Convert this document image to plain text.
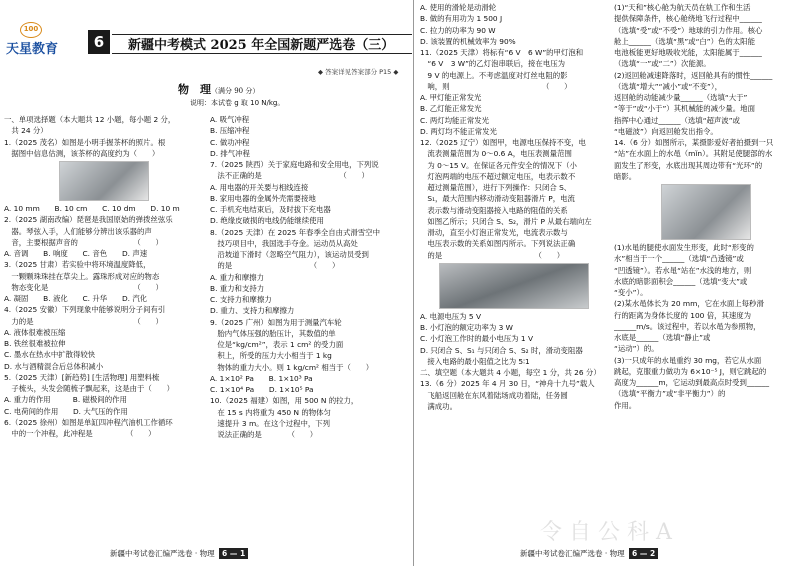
100
天星教育	6	新疆中考模式 2025 年全国新题严选卷（三）
◆ 答案详见答案部分 P15 ◆
物　理（满分 90 分）
说明：本试卷 g 取 10 N/kg。
一、单项选择题（本大题共 12 小题，每小题 2 分，
　共 24 分）
1.（2025 茂名）如图是小明手握茶杯的照片。根
　据图中信息估测，该茶杯的高度约为（　　）
A. 10 mm　　B. 10 cm　　C. 10 dm　　D. 10 m
2.（2025 湖南改编）琵琶是我国原始的弹拨丝弦乐
　器。琴弦入手，人们能够分辨出该乐器的声
　音，主要根据声音的　　　　　　　　（　　）
A. 音调　　B. 响度　　C. 音色　　D. 声速
3.（2025 甘肃）若实验中将环境温度降低，
　一颗颗珠珠挂在草尖上。露珠形成对应的物态
　物态变化是　　　　　　　　　　　　（　　）
A. 凝固　　B. 液化　　C. 升华　　D. 汽化
4.（2025 安徽）下列现象中能够说明分子间有引
　力的是　　　　　　　　　　　　　　（　　）
A. 液体很难被压缩
B. 铁丝很难被拉伸
C. 墨水在热水中扩散得较快
D. 水与酒精混合后总体积减小
5.（2025 天津）[新趋势] [生活物理] 用塑料梳
　子梳头，头发会随梳子飘起来，这是由于（　　）
A. 重力的作用　　　B. 磁极间的作用
C. 电荷间的作用　　D. 大气压的作用
6.（2025 徐州）如图是单缸四冲程汽油机工作循环
　中的一个冲程，此冲程是　　　　　（　　）
A. 吸气冲程
B. 压缩冲程
C. 做功冲程
D. 排气冲程
7.（2025 陕西）关于家庭电路和安全用电，下列说
　法不正确的是　　　　　　　　　　　（　　）
A. 用电器的开关要与相线连接
B. 家用电器的金属外壳需要接地
C. 手机充电结束后，及时拔下充电器
D. 绝缘皮破损的电线仍能继续使用
8.（2025 天津）在 2025 年春季全自由式滑雪空中
　技巧项目中，我国选手夺金。运动员从高处
　沿坡道下滑时（忽略空气阻力），该运动员受到
　的是　　　　　　　　　　　（　　）
A. 重力和摩擦力
B. 重力和支持力
C. 支持力和摩擦力
D. 重力、支持力和摩擦力
9.（2025 广州）如图为用于测量汽车轮
　胎内气体压强的胎压计，其数值的单
　位是“kg/cm²”，表示 1 cm² 的受力面
　积上，所受的压力大小相当于 1 kg
　物体的重力大小。则 1 kg/cm² 相当于（　　）
A. 1×10² Pa　　B. 1×10³ Pa
C. 1×10⁴ Pa　　D. 1×10⁵ Pa
10.（2025 福建）如图，用 500 N 的拉力，
　在 15 s 内将重为 450 N 的物体匀
　速提升 3 m。在这个过程中，下列
　说法正确的是　　　　（　　）
A. 使用的滑轮是动滑轮
B. 做的有用功为 1 500 J
C. 拉力的功率为 90 W
D. 该装置的机械效率为 90%
11.（2025 天津）将标有“6 V　6 W”的甲灯泡和
　“6 V　3 W”的乙灯泡串联后，接在电压为
　9 V 的电源上。不考虑温度对灯丝电阻的影
　响，则　　　　　　　　　　　　　（　　）
A. 甲灯能正常发光
B. 乙灯能正常发光
C. 两灯均能正常发光
D. 两灯均不能正常发光
12.（2025 辽宁）如图甲，电源电压保持不变，电
　流表测量范围为 0～0.6 A，电压表测量范围
　为 0～15 V。在保证各元件安全的情况下（小
　灯泡两端的电压不超过额定电压，电表示数不
　超过测量范围），进行下列操作：只闭合 S、
　S₁，最大范围内移动滑动变阻器滑片 P，电流
　表示数与滑动变阻器接入电路的阻值的关系
　如图乙所示；只闭合 S、S₂，滑片 P 从最右端向左
　滑动，直至小灯泡正常发光，电流表示数与
　电压表示数的关系如图丙所示。下列说法正确
　的是　　　　　　　　　　　　　（　　）
A. 电源电压为 5 V
B. 小灯泡的额定功率为 3 W
C. 小灯泡工作时的最小电压为 1 V
D. 只闭合 S、S₁ 与只闭合 S、S₂ 时，滑动变阻器
　接入电路的最小阻值之比为 5∶1
二、填空题（本大题共 4 小题，每空 1 分，共 26 分）
13.（6 分）2025 年 4 月 30 日，“神舟十九号”载人
　飞船返回舱在东风着陆场成功着陆，任务圆
　满成功。
(1)“天和”核心舱为航天员在轨工作和生活
提供保障条件，核心舱绕地飞行过程中______
（选填“受”或“不受”）地球的引力作用。核心
舱上______（选填“黑”或“白”）色的太阳能
电池板能更好地吸收光能，太阳能属于______
（选填“一”或“二”）次能源。
(2)返回舱减速降落时，返回舱具有的惯性______
（选填“增大”“减小”或“不变”），
返回舱的动能减少量______（选填“大于”
“等于”或“小于”）其机械能的减少量。地面
指挥中心通过______（选填“超声波”或
“电磁波”）向返回舱发出指令。
14.（6 分）如图所示，某摄影爱好者拍摄到一只
“站”在水面上的水黾（mǐn）。其附足使腿部的水
面发生了形变，水底出现其周边带有“光环”的
暗影。
(1)水黾的腿使水面发生形变，此时“形变的
水”相当于一个______（选填“凸透镜”或
“凹透镜”）。若水黾“站在”水浅的地方，则
水底的暗影面积会______（选填“变大”或
“变小”）。
(2)某水黾体长为 20 mm，它在水面上每秒滑
行的距离为身体长度的 100 倍，其速度为
______m/s。该过程中，若以水黾为参照物，
水底是______（选填“静止”或
“运动”）的。
(3)一只成年的水黾重约 30 mg，若它从水面
跳起，克服重力做功为 6×10⁻⁵ J，则它跳起的
高度为______m，它运动到最高点时受到______
（选填“平衡力”或“非平衡力”）的
作用。
新疆中考试卷汇编严选卷 · 物理 6 — 1	新疆中考试卷汇编严选卷 · 物理 6 — 2
令 自 公 科 A
